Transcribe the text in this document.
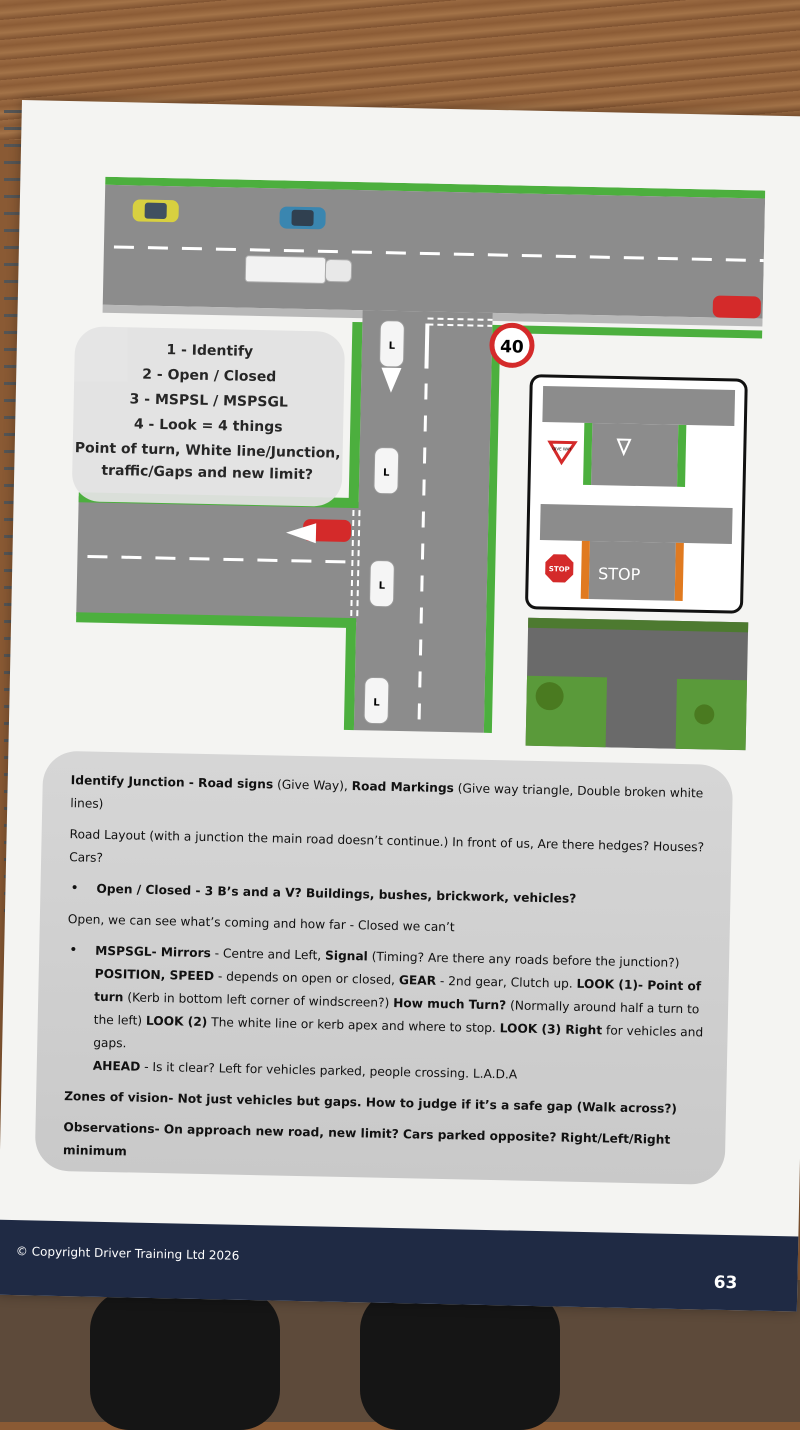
L
L
L
L
40
GIVE WAY
STOP STOP
1 - Identify
2 - Open / Closed
3 - MSPSL / MSPSGL
4 - Look = 4 things
Point of turn, White line/Junction,
traffic/Gaps and new limit?

Identify Junction - Road signs (Give Way), Road Markings (Give way triangle, Double broken white lines)

Road Layout (with a junction the main road doesn’t continue.) In front of us, Are there hedges? Houses? Cars?

• Open / Closed - 3 B’s and a V? Buildings, bushes, brickwork, vehicles?

Open, we can see what’s coming and how far - Closed we can’t

• MSPSGL- Mirrors - Centre and Left, Signal (Timing? Are there any roads before the junction?)
POSITION, SPEED - depends on open or closed, GEAR - 2nd gear, Clutch up. LOOK (1)- Point of turn (Kerb in bottom left corner of windscreen?) How much Turn? (Normally around half a turn to the left) LOOK (2) The white line or kerb apex and where to stop. LOOK (3) Right for vehicles and gaps.
AHEAD - Is it clear? Left for vehicles parked, people crossing. L.A.D.A

Zones of vision- Not just vehicles but gaps. How to judge if it’s a safe gap (Walk across?)

Observations- On approach new road, new limit? Cars parked opposite? Right/Left/Right minimum

© Copyright Driver Training Ltd 2026
63
